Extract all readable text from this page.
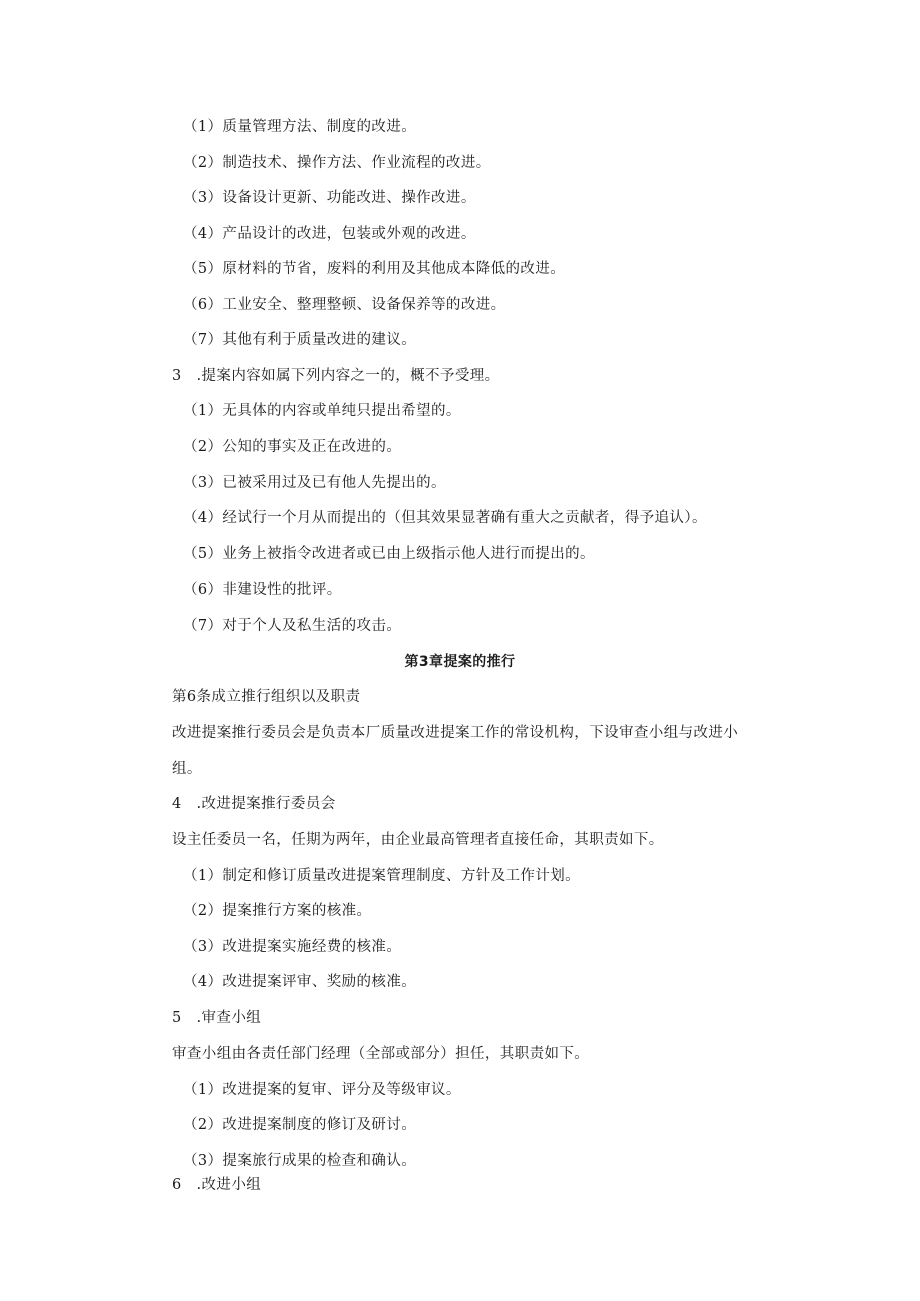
（1）质量管理方法、制度的改进。
（2）制造技术、操作方法、作业流程的改进。
（3）设备设计更新、功能改进、操作改进。
（4）产品设计的改进，包装或外观的改进。
（5）原材料的节省，废料的利用及其他成本降低的改进。
（6）工业安全、整理整顿、设备保养等的改进。
（7）其他有利于质量改进的建议。
3　.提案内容如属下列内容之一的，概不予受理。
（1）无具体的内容或单纯只提出希望的。
（2）公知的事实及正在改进的。
（3）已被采用过及已有他人先提出的。
（4）经试行一个月从而提出的（但其效果显著确有重大之贡献者，得予追认）。
（5）业务上被指令改进者或已由上级指示他人进行而提出的。
（6）非建设性的批评。
（7）对于个人及私生活的攻击。
第3章提案的推行
第6条成立推行组织以及职责
改进提案推行委员会是负责本厂质量改进提案工作的常设机构，下设审查小组与改进小
组。
4　.改进提案推行委员会
设主任委员一名，任期为两年，由企业最高管理者直接任命，其职责如下。
（1）制定和修订质量改进提案管理制度、方针及工作计划。
（2）提案推行方案的核准。
（3）改进提案实施经费的核准。
（4）改进提案评审、奖励的核准。
5　.审查小组
审查小组由各责任部门经理（全部或部分）担任，其职责如下。
（1）改进提案的复审、评分及等级审议。
（2）改进提案制度的修订及研讨。
（3）提案旅行成果的检查和确认。
6　.改进小组
